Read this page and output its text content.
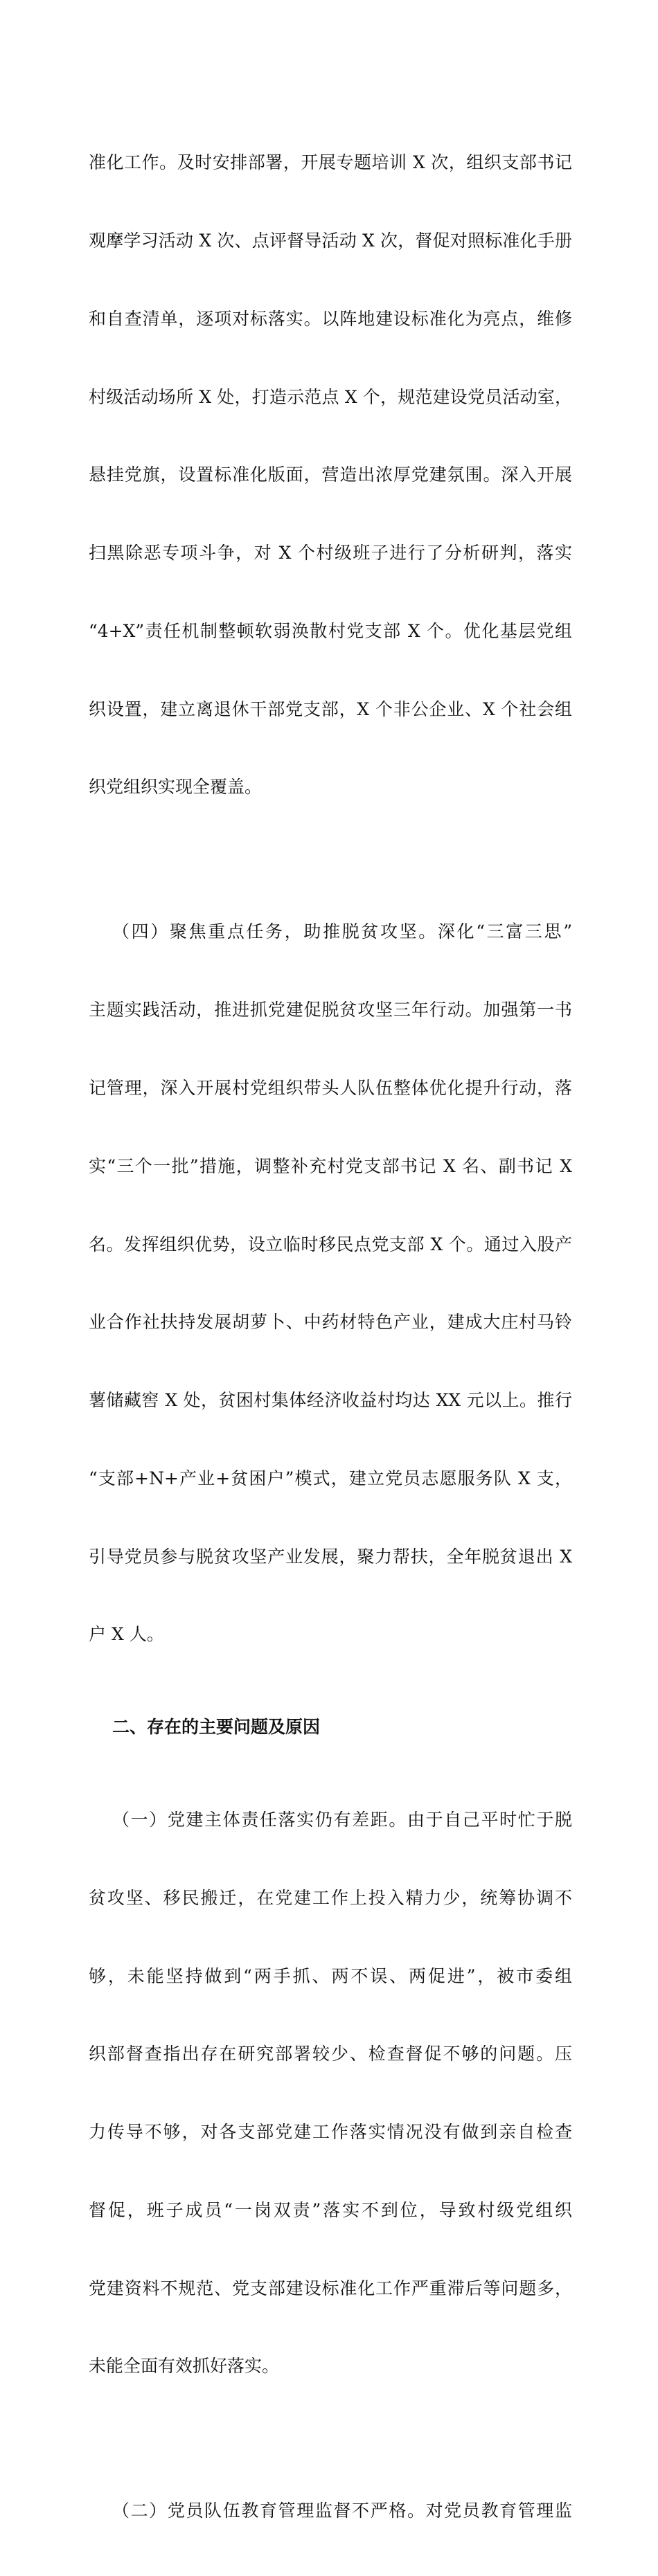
准化工作。及时安排部署，开展专题培训 X 次，组织支部书记

观摩学习活动 X 次、点评督导活动 X 次，督促对照标准化手册

和自查清单，逐项对标落实。以阵地建设标准化为亮点，维修

村级活动场所 X 处，打造示范点 X 个，规范建设党员活动室，

悬挂党旗，设置标准化版面，营造出浓厚党建氛围。深入开展

扫黑除恶专项斗争，对 X 个村级班子进行了分析研判，落实

“4+X”责任机制整顿软弱涣散村党支部 X 个。优化基层党组

织设置，建立离退休干部党支部，X 个非公企业、X 个社会组

织党组织实现全覆盖。

（四）聚焦重点任务，助推脱贫攻坚。深化“三富三思”

主题实践活动，推进抓党建促脱贫攻坚三年行动。加强第一书

记管理，深入开展村党组织带头人队伍整体优化提升行动，落

实“三个一批”措施，调整补充村党支部书记 X 名、副书记 X

名。发挥组织优势，设立临时移民点党支部 X 个。通过入股产

业合作社扶持发展胡萝卜、中药材特色产业，建成大庄村马铃

薯储藏窖 X 处，贫困村集体经济收益村均达 XX 元以上。推行

“支部+N+产业+贫困户”模式，建立党员志愿服务队 X 支，

引导党员参与脱贫攻坚产业发展，聚力帮扶，全年脱贫退出 X

户 X 人。

二、存在的主要问题及原因

（一）党建主体责任落实仍有差距。由于自己平时忙于脱

贫攻坚、移民搬迁，在党建工作上投入精力少，统筹协调不

够，未能坚持做到“两手抓、两不误、两促进”，被市委组

织部督查指出存在研究部署较少、检查督促不够的问题。压

力传导不够，对各支部党建工作落实情况没有做到亲自检查

督促，班子成员“一岗双责”落实不到位，导致村级党组织

党建资料不规范、党支部建设标准化工作严重滞后等问题多，

未能全面有效抓好落实。

（二）党员队伍教育管理监督不严格。对党员教育管理监
